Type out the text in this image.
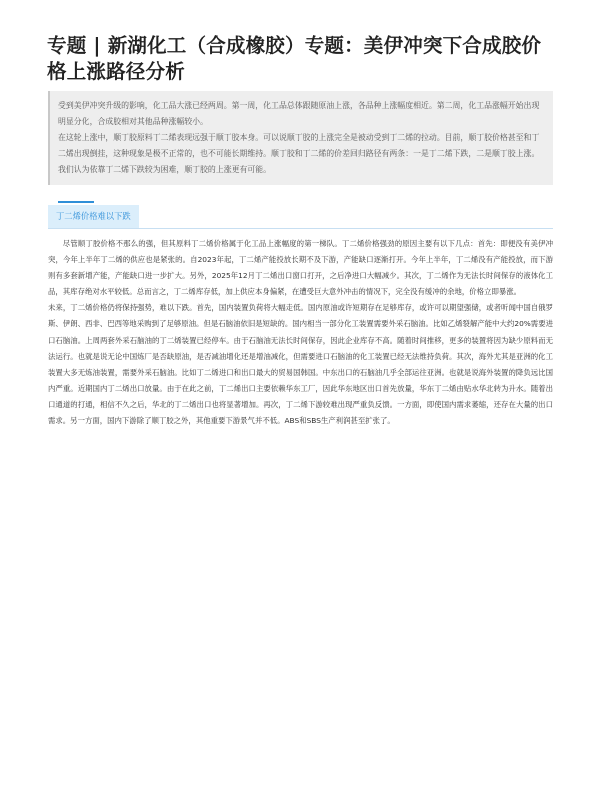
专题 | 新湖化工（合成橡胶）专题：美伊冲突下合成胶价格上涨路径分析

受到美伊冲突升级的影响，化工品大涨已经两周。第一周，化工品总体跟随原油上涨，各品种上涨幅度相近。第二周，化工品涨幅开始出现明显分化，合成胶相对其他品种涨幅较小。

在这轮上涨中，顺丁胶原料丁二烯表现远强于顺丁胶本身。可以说顺丁胶的上涨完全是被动受到丁二烯的拉动。目前，顺丁胶价格甚至和丁二烯出现倒挂，这种现象是极不正常的，也不可能长期维持。顺丁胶和丁二烯的价差回归路径有两条：一是丁二烯下跌，二是顺丁胶上涨。我们认为依靠丁二烯下跌较为困难，顺丁胶的上涨更有可能。

丁二烯价格难以下跌

尽管顺丁胶价格不那么的强，但其原料丁二烯价格属于化工品上涨幅度的第一梯队。丁二烯价格强劲的原因主要有以下几点：首先：即便没有美伊冲突，今年上半年丁二烯的供应也是紧张的。自2023年起，丁二烯产能投放长期不及下游，产能缺口逐渐打开。今年上半年，丁二烯没有产能投放，而下游则有多套新增产能，产能缺口进一步扩大。另外，2025年12月丁二烯出口窗口打开，之后净进口大幅减少。其次，丁二烯作为无法长时间保存的液体化工品，其库存绝对水平较低。总而言之，丁二烯库存低，加上供应本身偏紧，在遭受巨大意外冲击的情况下，完全没有缓冲的余地，价格立即暴涨。

未来，丁二烯价格仍将保持强势，难以下跌。首先，国内装置负荷将大幅走低。国内原油或许短期存在足够库存，或许可以期望强储，或者听闻中国自俄罗斯、伊朗、西非、巴西等地采购到了足够原油。但是石脑油依旧是短缺的。国内相当一部分化工装置需要外采石脑油。比如乙烯裂解产能中大约20%需要进口石脑油。上周两套外采石脑油的丁二烯装置已经停车。由于石脑油无法长时间保存，因此企业库存不高。随着时间推移，更多的装置将因为缺少原料而无法运行。也就是说无论中国炼厂是否缺原油，是否减油增化还是增油减化，但需要进口石脑油的化工装置已经无法维持负荷。其次，海外尤其是亚洲的化工装置大多无炼油装置，需要外采石脑油。比如丁二烯进口和出口最大的贸易国韩国。中东出口的石脑油几乎全部运往亚洲。也就是说海外装置的降负远比国内严重。近期国内丁二烯出口放量。由于在此之前，丁二烯出口主要依赖华东工厂，因此华东地区出口首先放量，华东丁二烯由贴水华北转为升水。随着出口通道的打通，相信不久之后，华北的丁二烯出口也将显著增加。再次，丁二烯下游较难出现严重负反馈。一方面，即使国内需求萎缩，还存在大量的出口需求。另一方面，国内下游除了顺丁胶之外，其他重要下游景气并不低。ABS和SBS生产利润甚至扩张了。
